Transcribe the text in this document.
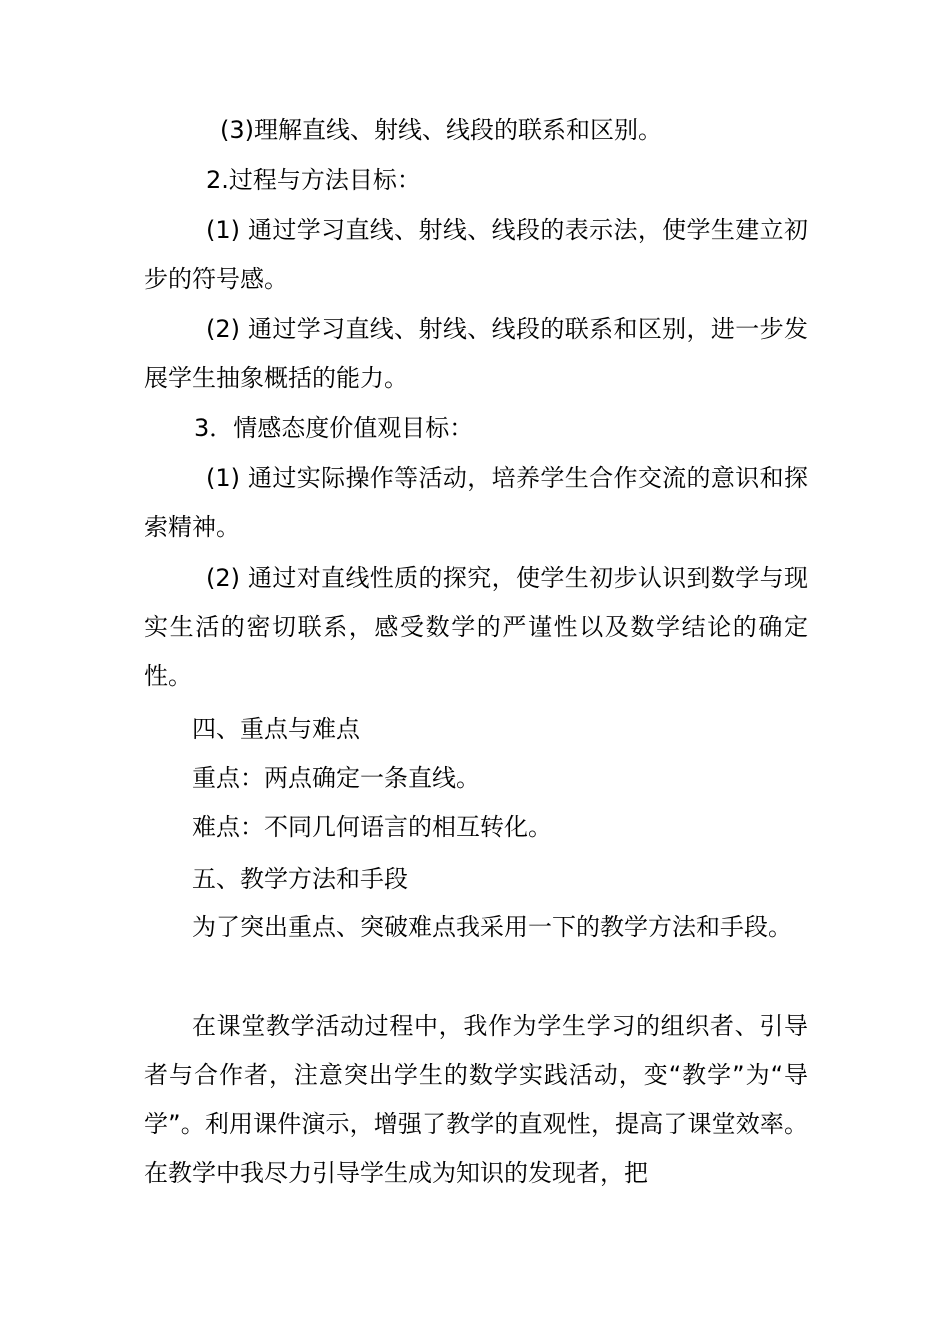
(3)理解直线、射线、线段的联系和区别。

2.过程与方法目标：

(1) 通过学习直线、射线、线段的表示法，使学生建立初步的符号感。

(2) 通过学习直线、射线、线段的联系和区别，进一步发展学生抽象概括的能力。

3．情感态度价值观目标：

(1) 通过实际操作等活动，培养学生合作交流的意识和探索精神。

(2) 通过对直线性质的探究，使学生初步认识到数学与现实生活的密切联系，感受数学的严谨性以及数学结论的确定性。

四、重点与难点

重点：两点确定一条直线。

难点：不同几何语言的相互转化。

五、教学方法和手段

为了突出重点、突破难点我采用一下的教学方法和手段。

在课堂教学活动过程中，我作为学生学习的组织者、引导者与合作者，注意突出学生的数学实践活动，变“教学”为“导学”。利用课件演示，增强了教学的直观性，提高了课堂效率。在教学中我尽力引导学生成为知识的发现者，把
